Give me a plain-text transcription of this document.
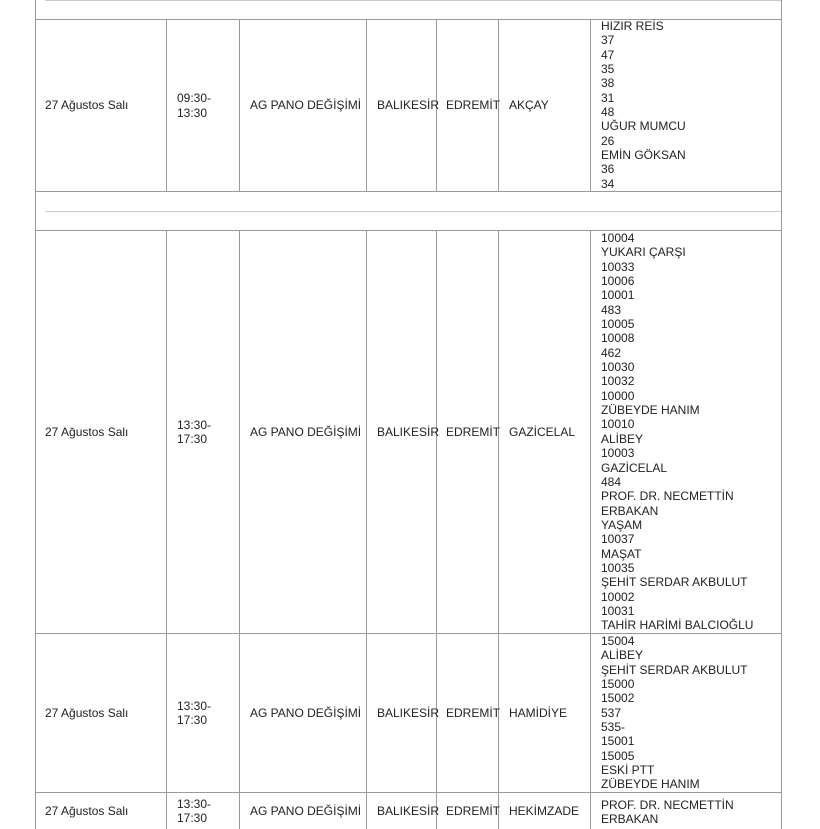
27 Ağustos Salı
09:30-
13:30
AG PANO DEĞİŞİMİ BALIKESİR EDREMİT AKÇAY
HIZIR REİS
37
47
35
38
31
48
UĞUR MUMCU
26
EMİN GÖKSAN
36
34
27 Ağustos Salı
13:30-
17:30
AG PANO DEĞİŞİMİ BALIKESİR EDREMİT GAZİCELAL
10004
YUKARI ÇARŞI
10033
10006
10001
483
10005
10008
462
10030
10032
10000
ZÜBEYDE HANIM
10010
ALİBEY
10003
GAZİCELAL
484
PROF. DR. NECMETTİN
ERBAKAN
YAŞAM
10037
MAŞAT
10035
ŞEHİT SERDAR AKBULUT
10002
10031
TAHİR HARİMİ BALCIOĞLU
27 Ağustos Salı
13:30-
17:30
AG PANO DEĞİŞİMİ BALIKESİR EDREMİT HAMİDİYE
15004
ALİBEY
ŞEHİT SERDAR AKBULUT
15000
15002
537
535-
15001
15005
ESKİ PTT
ZÜBEYDE HANIM
27 Ağustos Salı
13:30-
17:30
AG PANO DEĞİŞİMİ BALIKESİR EDREMİT HEKİMZADE PROF. DR. NECMETTİN
ERBAKAN
